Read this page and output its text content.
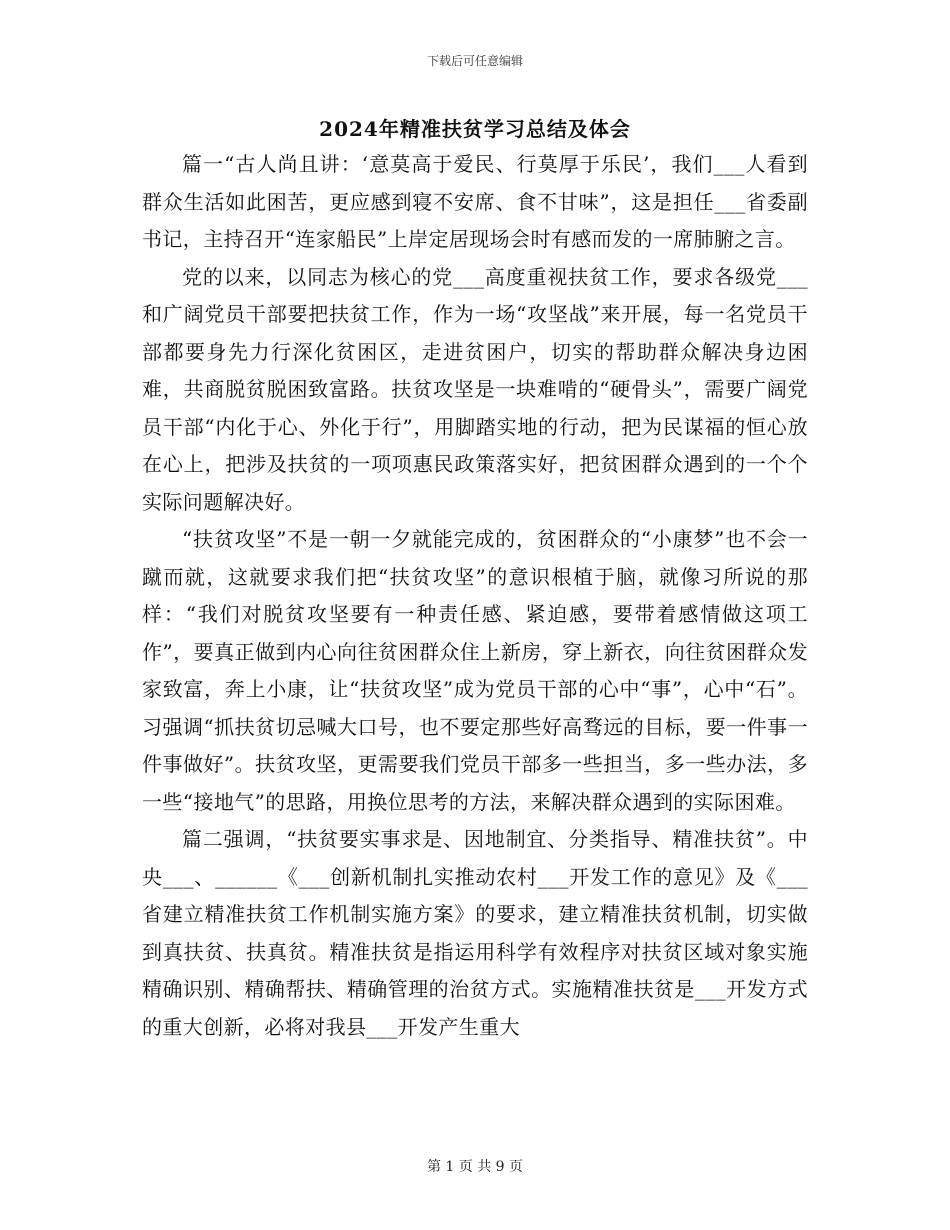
下载后可任意编辑
2024年精准扶贫学习总结及体会

篇一“古人尚且讲：‘意莫高于爱民、行莫厚于乐民’，我们___人看到群众生活如此困苦，更应感到寝不安席、食不甘味”，这是担任___省委副书记，主持召开“连家船民”上岸定居现场会时有感而发的一席肺腑之言。

党的以来，以同志为核心的党___高度重视扶贫工作，要求各级党___和广阔党员干部要把扶贫工作，作为一场“攻坚战”来开展，每一名党员干部都要身先力行深化贫困区，走进贫困户，切实的帮助群众解决身边困难，共商脱贫脱困致富路。扶贫攻坚是一块难啃的“硬骨头”，需要广阔党员干部“内化于心、外化于行”，用脚踏实地的行动，把为民谋福的恒心放在心上，把涉及扶贫的一项项惠民政策落实好，把贫困群众遇到的一个个实际问题解决好。

“扶贫攻坚”不是一朝一夕就能完成的，贫困群众的“小康梦”也不会一蹴而就，这就要求我们把“扶贫攻坚”的意识根植于脑，就像习所说的那样：“我们对脱贫攻坚要有一种责任感、紧迫感，要带着感情做这项工作”，要真正做到内心向往贫困群众住上新房，穿上新衣，向往贫困群众发家致富，奔上小康，让“扶贫攻坚”成为党员干部的心中“事”，心中“石”。习强调“抓扶贫切忌喊大口号，也不要定那些好高骛远的目标，要一件事一件事做好”。扶贫攻坚，更需要我们党员干部多一些担当，多一些办法，多一些“接地气”的思路，用换位思考的方法，来解决群众遇到的实际困难。

篇二强调，“扶贫要实事求是、因地制宜、分类指导、精准扶贫”。中央___、______《___创新机制扎实推动农村___开发工作的意见》及《___省建立精准扶贫工作机制实施方案》的要求，建立精准扶贫机制，切实做到真扶贫、扶真贫。精准扶贫是指运用科学有效程序对扶贫区域对象实施精确识别、精确帮扶、精确管理的治贫方式。实施精准扶贫是___开发方式的重大创新，必将对我县___开发产生重大

第 1 页 共 9 页
